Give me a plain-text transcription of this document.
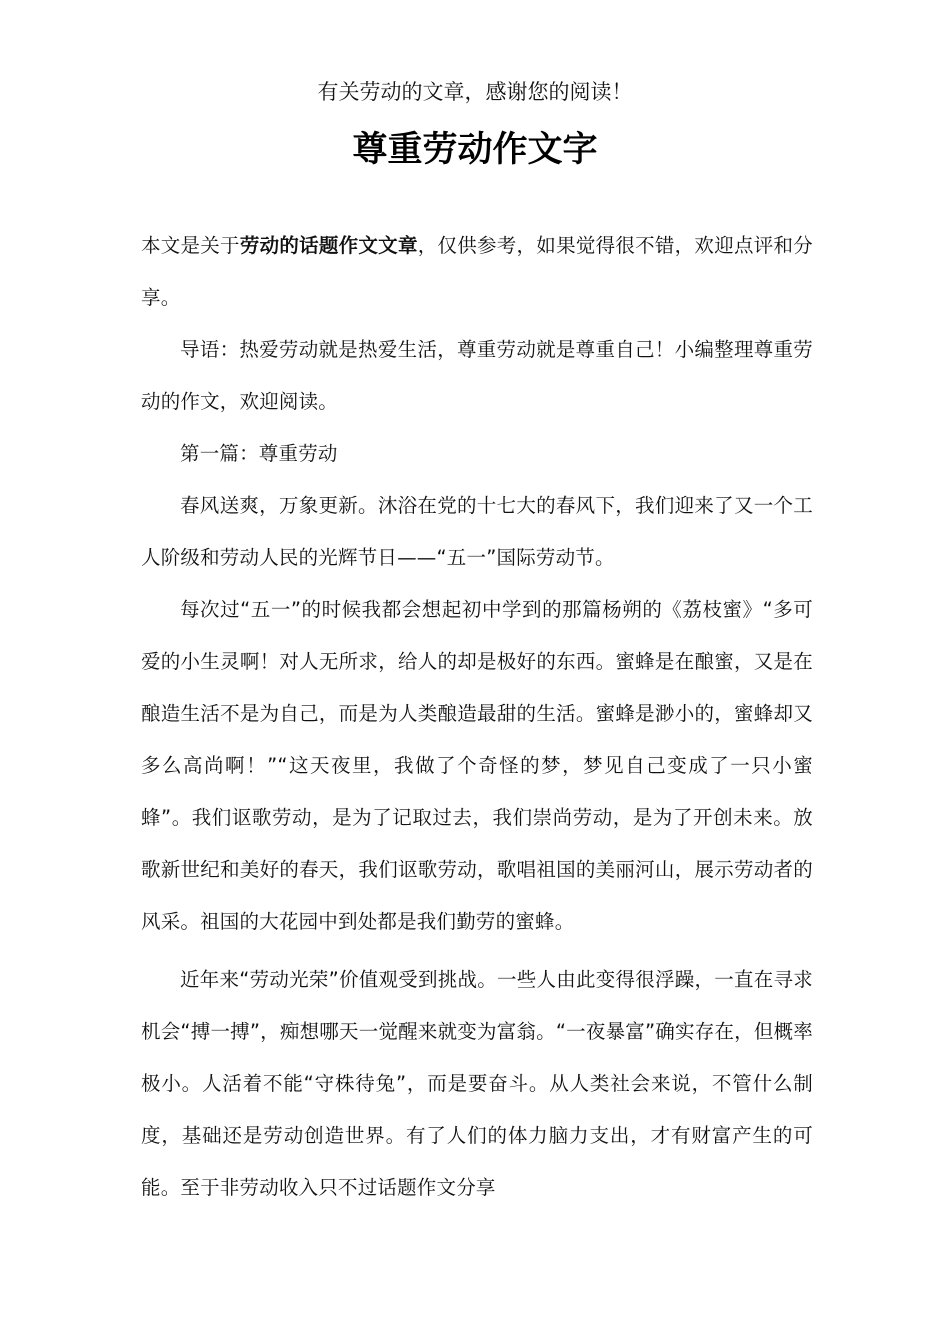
有关劳动的文章，感谢您的阅读！
尊重劳动作文字

本文是关于劳动的话题作文文章，仅供参考，如果觉得很不错，欢迎点评和分享。

导语：热爱劳动就是热爱生活，尊重劳动就是尊重自己！小编整理尊重劳动的作文，欢迎阅读。

第一篇：尊重劳动

春风送爽，万象更新。沐浴在党的十七大的春风下，我们迎来了又一个工人阶级和劳动人民的光辉节日——“五一”国际劳动节。

每次过“五一”的时候我都会想起初中学到的那篇杨朔的《荔枝蜜》“多可爱的小生灵啊！对人无所求，给人的却是极好的东西。蜜蜂是在酿蜜，又是在酿造生活不是为自己，而是为人类酿造最甜的生活。蜜蜂是渺小的，蜜蜂却又多么高尚啊！”“这天夜里，我做了个奇怪的梦，梦见自己变成了一只小蜜蜂”。我们讴歌劳动，是为了记取过去，我们崇尚劳动，是为了开创未来。放歌新世纪和美好的春天，我们讴歌劳动，歌唱祖国的美丽河山，展示劳动者的风采。祖国的大花园中到处都是我们勤劳的蜜蜂。

近年来“劳动光荣”价值观受到挑战。一些人由此变得很浮躁，一直在寻求机会“搏一搏”，痴想哪天一觉醒来就变为富翁。“一夜暴富”确实存在，但概率极小。人活着不能“守株待兔”，而是要奋斗。从人类社会来说，不管什么制度，基础还是劳动创造世界。有了人们的体力脑力支出，才有财富产生的可能。至于非劳动收入只不过话题作文分享
